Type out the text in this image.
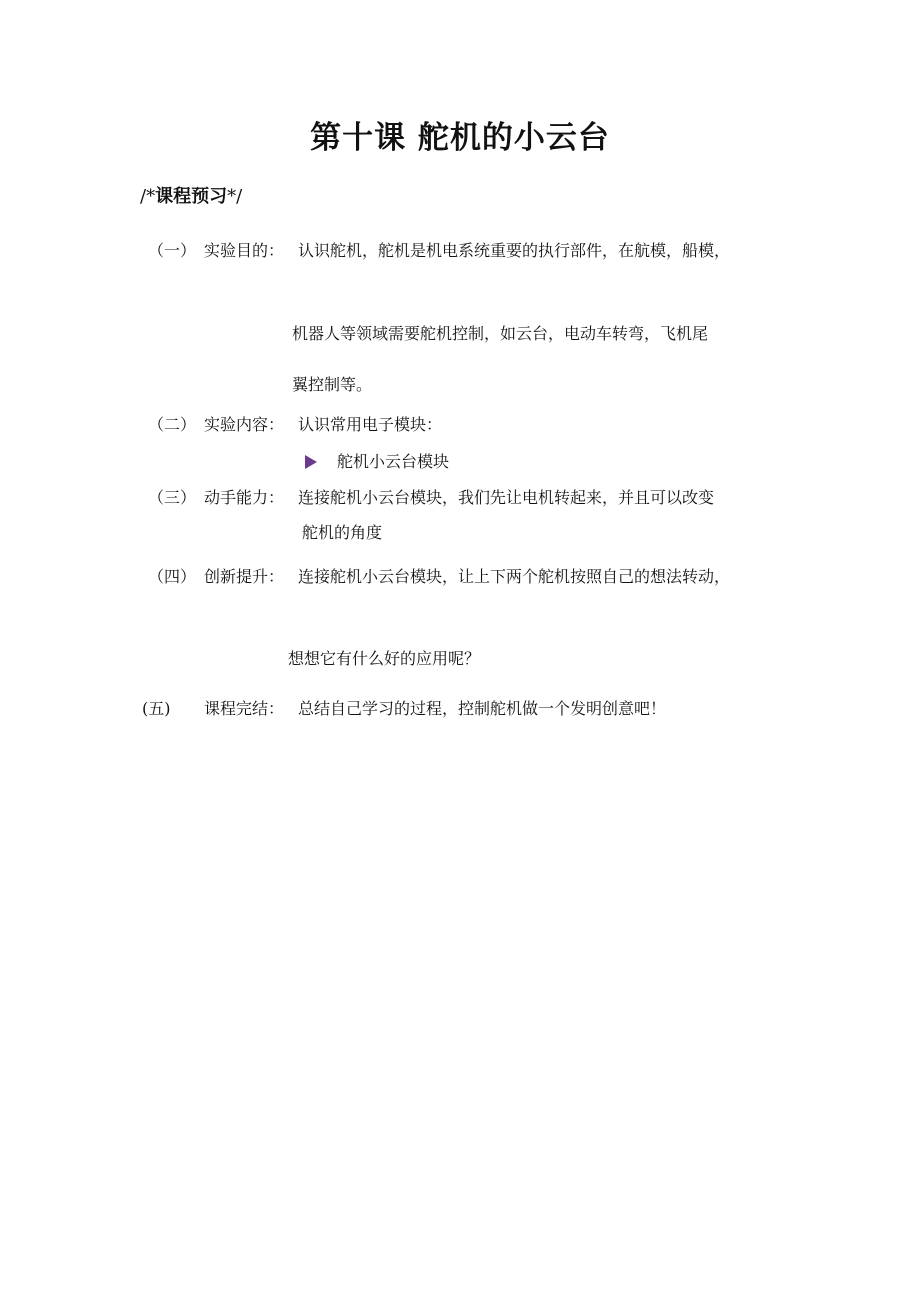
第十课 舵机的小云台
/*课程预习*/
（一） 实验目的： 认识舵机，舵机是机电系统重要的执行部件，在航模，船模，
机器人等领域需要舵机控制，如云台，电动车转弯，飞机尾
翼控制等。
（二） 实验内容： 认识常用电子模块：
舵机小云台模块
（三） 动手能力： 连接舵机小云台模块，我们先让电机转起来，并且可以改变
舵机的角度
（四） 创新提升： 连接舵机小云台模块，让上下两个舵机按照自己的想法转动，
想想它有什么好的应用呢？
(五) 课程完结： 总结自己学习的过程，控制舵机做一个发明创意吧！
